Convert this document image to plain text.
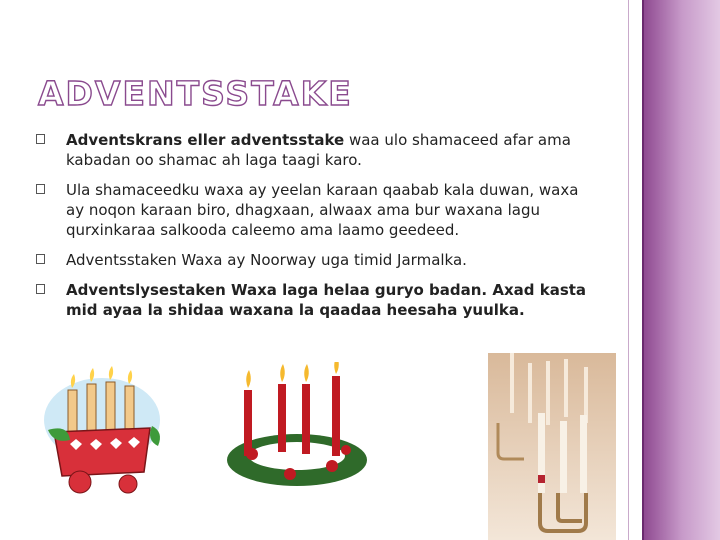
ADVENTSSTAKE
Adventskrans eller adventsstake waa ulo shamaceed afar ama kabadan oo shamac ah laga taagi karo.
Ula shamaceedku waxa ay yeelan karaan qaabab kala duwan, waxa ay noqon karaan biro, dhagxaan, alwaax ama bur waxana lagu qurxinkaraa salkooda caleemo ama laamo geedeed.
Adventsstaken Waxa ay Noorway uga timid Jarmalka.
Adventslysestaken Waxa laga helaa guryo badan. Axad kasta mid ayaa la shidaa waxana la qaadaa heesaha yuulka.
